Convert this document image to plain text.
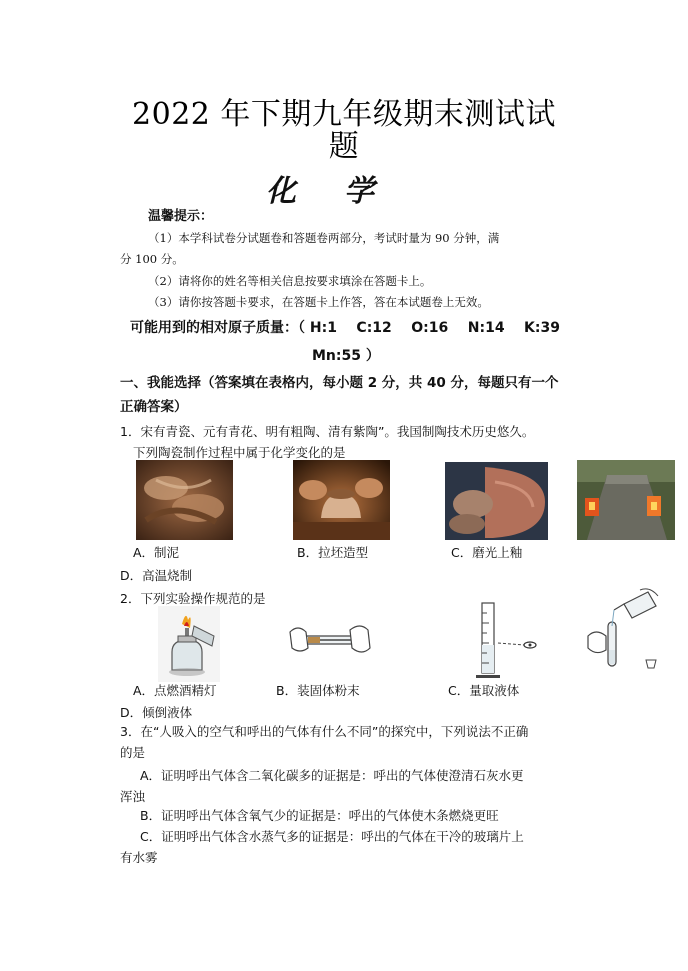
2022 年下期九年级期末测试试
题
化学
温馨提示：
（1）本学科试卷分试题卷和答题卷两部分，考试时量为 90 分钟，满
分 100 分。
（2）请将你的姓名等相关信息按要求填涂在答题卡上。
（3）请你按答题卡要求，在答题卡上作答，答在本试题卷上无效。
可能用到的相对原子质量：（ H:1    C:12    O:16    N:14    K:39
Mn:55 ）
一、我能选择（答案填在表格内，每小题 2 分，共 40 分，每题只有一个
正确答案）
1．宋有青瓷、元有青花、明有粗陶、清有紫陶”。我国制陶技术历史悠久。
下列陶瓷制作过程中属于化学变化的是
A．制泥	B．拉坯造型	C．磨光上釉
D．高温烧制
2．下列实验操作规范的是
A．点燃酒精灯	B．装固体粉末	C．量取液体
D．倾倒液体
3．在“人吸入的空气和呼出的气体有什么不同”的探究中，下列说法不正确
的是
A．证明呼出气体含二氧化碳多的证据是：呼出的气体使澄清石灰水更
浑浊
B．证明呼出气体含氧气少的证据是：呼出的气体使木条燃烧更旺
C．证明呼出气体含水蒸气多的证据是：呼出的气体在干冷的玻璃片上
有水雾
